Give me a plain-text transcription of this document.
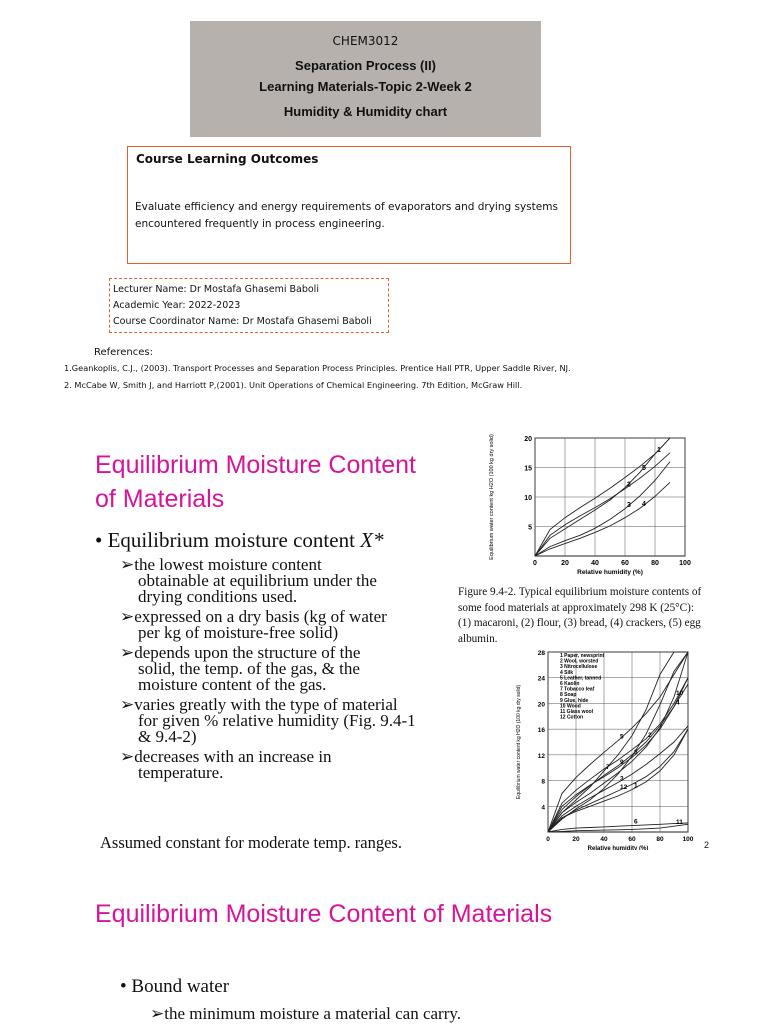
CHEM3012
Separation Process (II)
Learning Materials-Topic 2-Week 2
Humidity & Humidity chart
Course Learning Outcomes
Evaluate efficiency and energy requirements of evaporators and drying systems encountered frequently in process engineering.
Lecturer Name: Dr Mostafa Ghasemi Baboli
Academic Year: 2022-2023
Course Coordinator Name: Dr Mostafa Ghasemi Baboli
References:
1.Geankoplis, C.J., (2003). Transport Processes and Separation Process Principles. Prentice Hall PTR, Upper Saddle River, NJ.
2. McCabe W, Smith J, and Harriott P,(2001). Unit Operations of Chemical Engineering. 7th Edition, McGraw Hill.
Equilibrium Moisture Content
of Materials
• Equilibrium moisture content X*
➢the lowest moisture content
obtainable at equilibrium under the
drying conditions used.
➢expressed on a dry basis (kg of water
per kg of moisture-free solid)
➢depends upon the structure of the
solid, the temp. of the gas, & the
moisture content of the gas.
➢varies greatly with the type of material
for given % relative humidity (Fig. 9.4-1
& 9.4-2)
➢decreases with an increase in
temperature.
Assumed constant for moderate temp. ranges.
Figure 9.4-2. Typical equilibrium moisture contents of some food materials at approximately 298 K (25°C): (1) macaroni, (2) flour, (3) bread, (4) crackers, (5) egg albumin.
2
0	20	40	60	80	100
5
10
15
20
Relative humidity (%)
Equilibrium water content kg H2O (100 kg dry solid)	1
2
3 4
5
0	20	40	60	80	100
4
8
12
16
20
24
28
Relative humidity (%)
Equilibrium water content kg H2O (100 kg dry solid)	1
2
3
4
5
6
7
8
9
10
11
12
1 Paper, newsprint
2 Wool, worsted
3 Nitrocellulose
4 Silk
5 Leather, tanned
6 Kaolin
7 Tobacco leaf
8 Soap
9 Glue, hide
10 Wood
11 Glass wool
12 Cotton
Equilibrium Moisture Content of Materials
• Bound water
➢the minimum moisture a material can carry.
